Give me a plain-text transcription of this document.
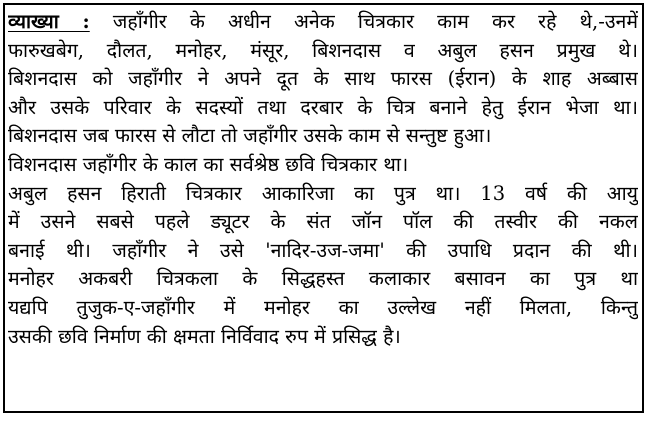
व्याख्या : जहाँगीर के अधीन अनेक चित्रकार काम कर रहे थे,-उनमें
फारुखबेग, दौलत, मनोहर, मंसूर, बिशनदास व अबुल हसन प्रमुख थे।
बिशनदास को जहाँगीर ने अपने दूत के साथ फारस (ईरान) के शाह अब्बास
और उसके परिवार के सदस्यों तथा दरबार के चित्र बनाने हेतु ईरान भेजा था।
बिशनदास जब फारस से लौटा तो जहाँगीर उसके काम से सन्तुष्ट हुआ।
विशनदास जहाँगीर के काल का सर्वश्रेष्ठ छवि चित्रकार था।
अबुल हसन हिराती चित्रकार आकारिजा का पुत्र था। 13 वर्ष की आयु
में उसने सबसे पहले ड्यूटर के संत जॉन पॉल की तस्वीर की नकल
बनाई थी। जहाँगीर ने उसे 'नादिर-उज-जमा' की उपाधि प्रदान की थी।
मनोहर अकबरी चित्रकला के सिद्धहस्त कलाकार बसावन का पुत्र था
यद्यपि तुजुक-ए-जहाँगीर में मनोहर का उल्लेख नहीं मिलता, किन्तु
उसकी छवि निर्माण की क्षमता निर्विवाद रुप में प्रसिद्ध है।
